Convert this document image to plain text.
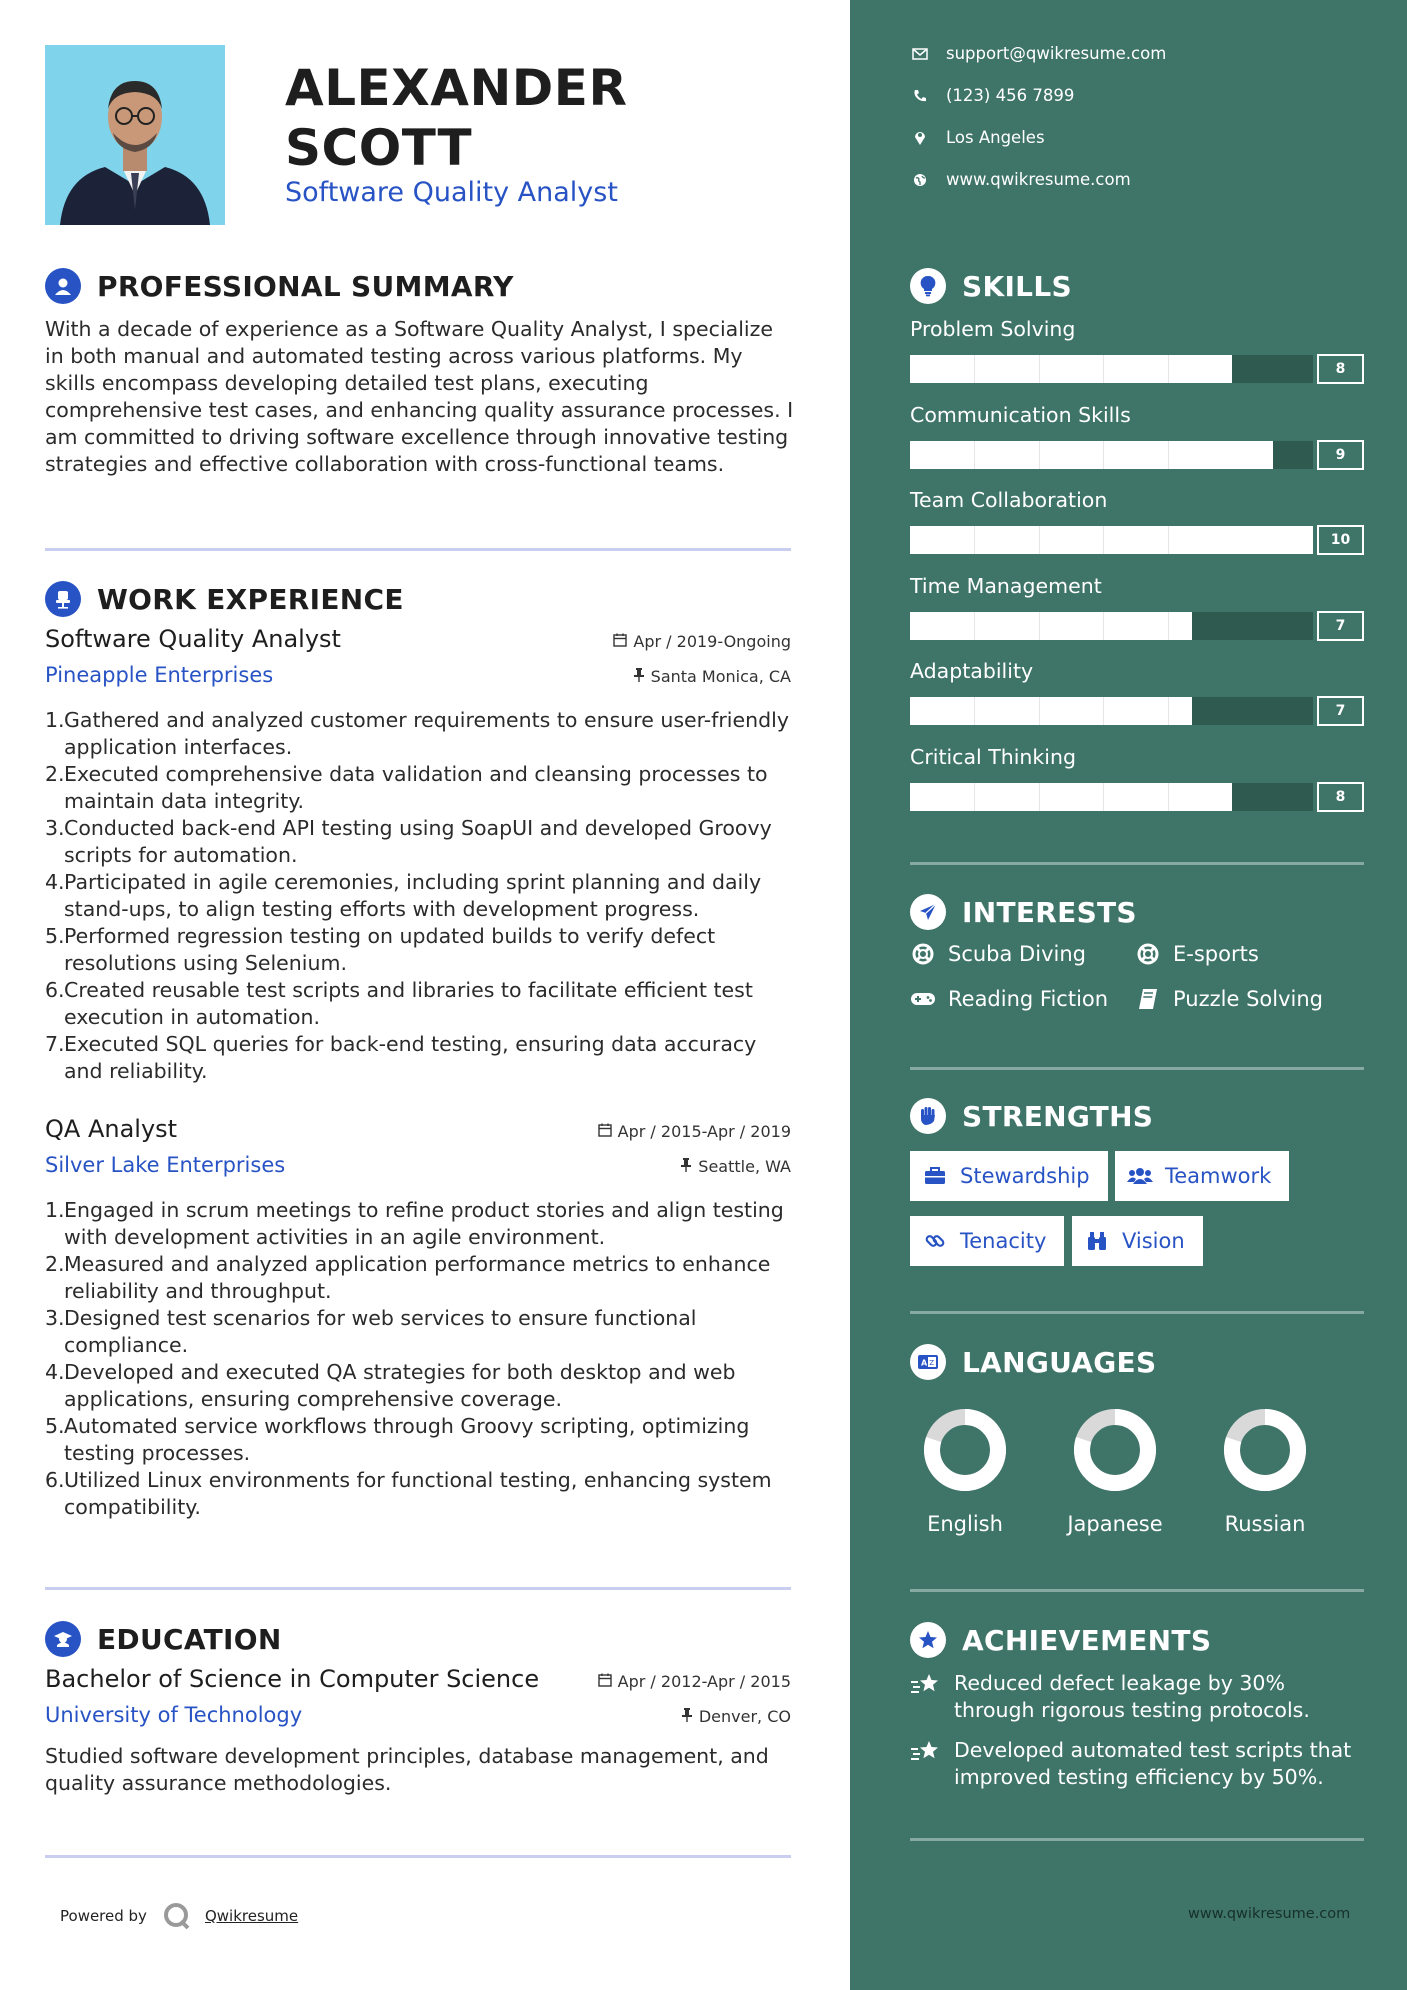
ALEXANDER
SCOTT
Software Quality Analyst
PROFESSIONAL SUMMARY
With a decade of experience as a Software Quality Analyst, I specialize in both manual and automated testing across various platforms. My skills encompass developing detailed test plans, executing comprehensive test cases, and enhancing quality assurance processes. I am committed to driving software excellence through innovative testing strategies and effective collaboration with cross-functional teams.
WORK EXPERIENCE
Software Quality Analyst	Apr / 2019-Ongoing
Pineapple Enterprises	Santa Monica, CA
1. Gathered and analyzed customer requirements to ensure user-friendly application interfaces.
2. Executed comprehensive data validation and cleansing processes to maintain data integrity.
3. Conducted back-end API testing using SoapUI and developed Groovy scripts for automation.
4. Participated in agile ceremonies, including sprint planning and daily stand-ups, to align testing efforts with development progress.
5. Performed regression testing on updated builds to verify defect resolutions using Selenium.
6. Created reusable test scripts and libraries to facilitate efficient test execution in automation.
7. Executed SQL queries for back-end testing, ensuring data accuracy and reliability.
QA Analyst	Apr / 2015-Apr / 2019
Silver Lake Enterprises	Seattle, WA
1. Engaged in scrum meetings to refine product stories and align testing with development activities in an agile environment.
2. Measured and analyzed application performance metrics to enhance reliability and throughput.
3. Designed test scenarios for web services to ensure functional compliance.
4. Developed and executed QA strategies for both desktop and web applications, ensuring comprehensive coverage.
5. Automated service workflows through Groovy scripting, optimizing testing processes.
6. Utilized Linux environments for functional testing, enhancing system compatibility.
EDUCATION
Bachelor of Science in Computer Science	Apr / 2012-Apr / 2015
University of Technology	Denver, CO
Studied software development principles, database management, and quality assurance methodologies.
Powered by	Qwikresume
support@qwikresume.com
(123) 456 7899
Los Angeles
www.qwikresume.com
SKILLS
Problem Solving
8
Communication Skills
9
Team Collaboration
10
Time Management
7
Adaptability
7
Critical Thinking
8
INTERESTS
Scuba Diving	E-sports
Reading Fiction	Puzzle Solving
STRENGTHS
Stewardship	Teamwork
Tenacity	Vision
A Z LANGUAGES
English	Japanese	Russian
ACHIEVEMENTS
Reduced defect leakage by 30% through rigorous testing protocols.
Developed automated test scripts that improved testing efficiency by 50%.
www.qwikresume.com
